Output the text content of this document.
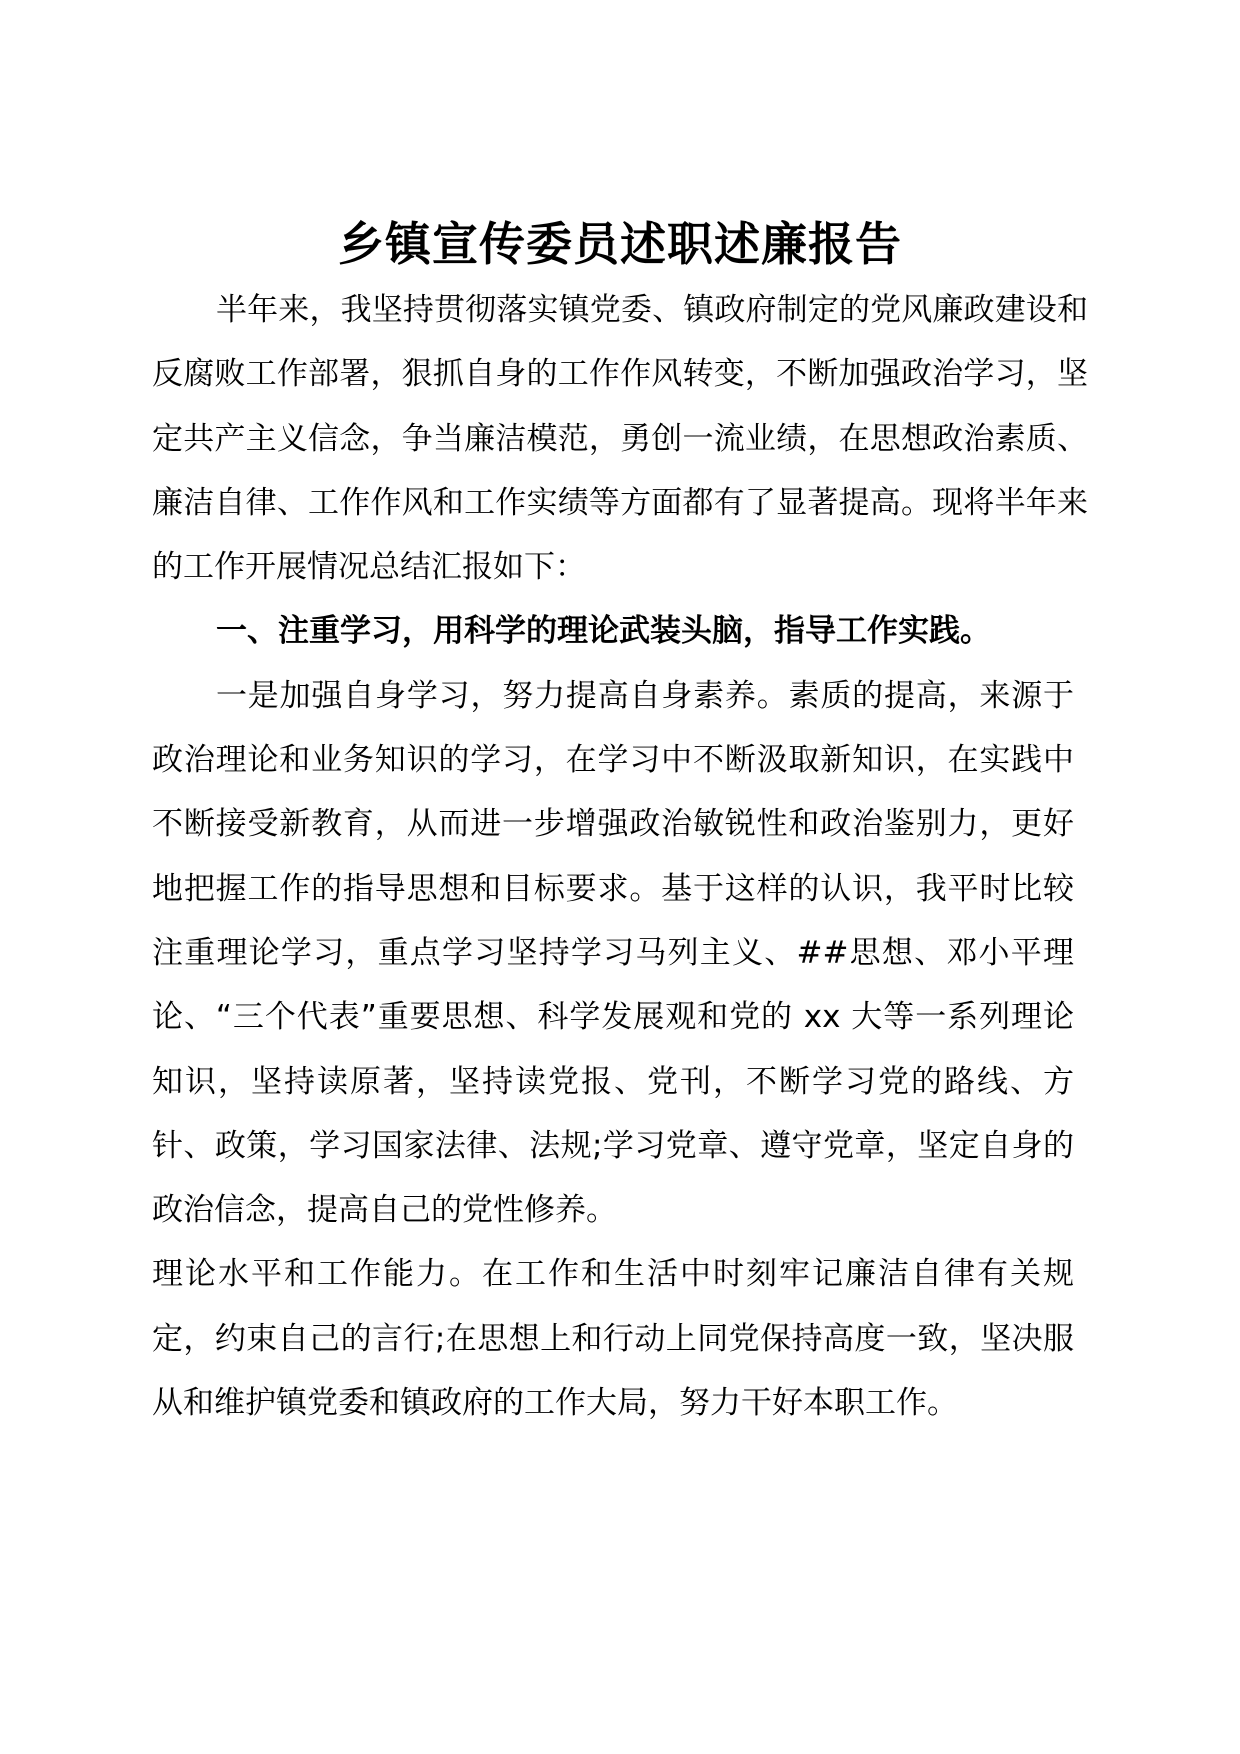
乡镇宣传委员述职述廉报告

半年来，我坚持贯彻落实镇党委、镇政府制定的党风廉政建设和反腐败工作部署，狠抓自身的工作作风转变，不断加强政治学习，坚定共产主义信念，争当廉洁模范，勇创一流业绩，在思想政治素质、廉洁自律、工作作风和工作实绩等方面都有了显著提高。现将半年来的工作开展情况总结汇报如下：

一、注重学习，用科学的理论武装头脑，指导工作实践。

一是加强自身学习，努力提高自身素养。素质的提高，来源于政治理论和业务知识的学习，在学习中不断汲取新知识，在实践中不断接受新教育，从而进一步增强政治敏锐性和政治鉴别力，更好地把握工作的指导思想和目标要求。基于这样的认识，我平时比较注重理论学习，重点学习坚持学习马列主义、##思想、邓小平理论、“三个代表”重要思想、科学发展观和党的 xx 大等一系列理论知识，坚持读原著，坚持读党报、党刊，不断学习党的路线、方针、政策，学习国家法律、法规;学习党章、遵守党章，坚定自身的政治信念，提高自己的党性修养。

理论水平和工作能力。在工作和生活中时刻牢记廉洁自律有关规定，约束自己的言行;在思想上和行动上同党保持高度一致，坚决服从和维护镇党委和镇政府的工作大局，努力干好本职工作。
